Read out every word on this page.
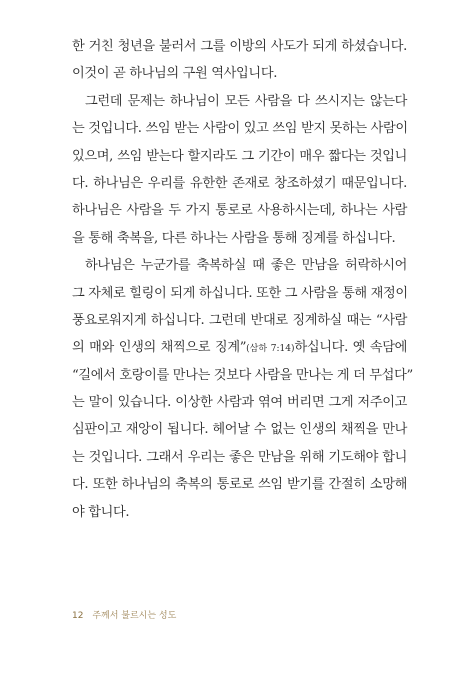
한 거친 청년을 불러서 그를 이방의 사도가 되게 하셨습니다.
이것이 곧 하나님의 구원 역사입니다.
그런데 문제는 하나님이 모든 사람을 다 쓰시지는 않는다
는 것입니다. 쓰임 받는 사람이 있고 쓰임 받지 못하는 사람이
있으며, 쓰임 받는다 할지라도 그 기간이 매우 짧다는 것입니
다. 하나님은 우리를 유한한 존재로 창조하셨기 때문입니다.
하나님은 사람을 두 가지 통로로 사용하시는데, 하나는 사람
을 통해 축복을, 다른 하나는 사람을 통해 징계를 하십니다.
하나님은 누군가를 축복하실 때 좋은 만남을 허락하시어
그 자체로 힐링이 되게 하십니다. 또한 그 사람을 통해 재정이
풍요로워지게 하십니다. 그런데 반대로 징계하실 때는 “사람
의 매와 인생의 채찍으로 징계”(삼하 7:14)하십니다. 옛 속담에
“길에서 호랑이를 만나는 것보다 사람을 만나는 게 더 무섭다”
는 말이 있습니다. 이상한 사람과 엮여 버리면 그게 저주이고
심판이고 재앙이 됩니다. 헤어날 수 없는 인생의 채찍을 만나
는 것입니다. 그래서 우리는 좋은 만남을 위해 기도해야 합니
다. 또한 하나님의 축복의 통로로 쓰임 받기를 간절히 소망해
야 합니다.
12 주께서 불르시는 성도
